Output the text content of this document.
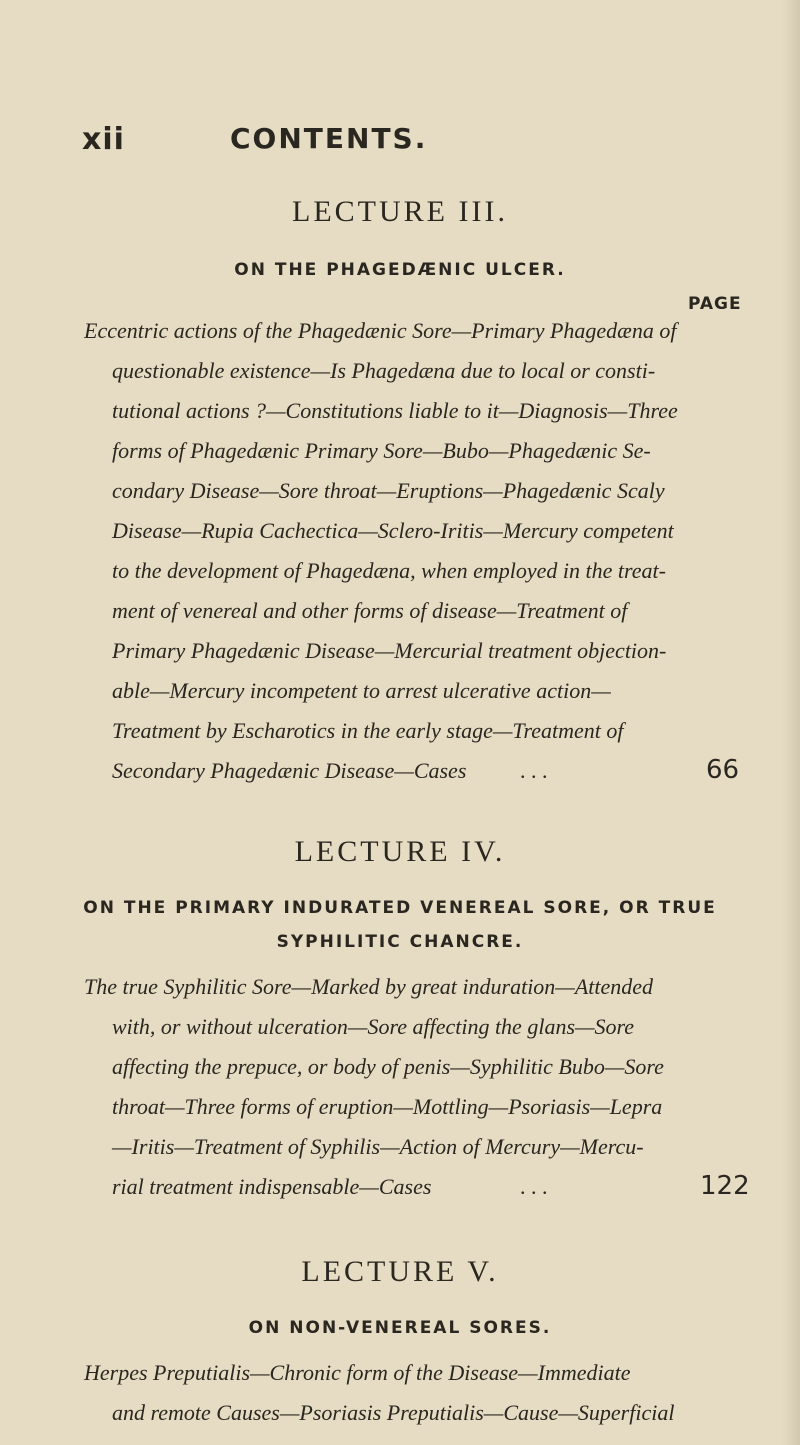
xii	CONTENTS.
LECTURE III.
ON THE PHAGEDÆNIC ULCER.
PAGE
Eccentric actions of the Phagedænic Sore—Primary Phagedæna of
questionable existence—Is Phagedæna due to local or consti-
tutional actions ?—Constitutions liable to it—Diagnosis—Three
forms of Phagedænic Primary Sore—Bubo—Phagedænic Se-
condary Disease—Sore throat—Eruptions—Phagedænic Scaly
Disease—Rupia Cachectica—Sclero-Iritis—Mercury competent
to the development of Phagedæna, when employed in the treat-
ment of venereal and other forms of disease—Treatment of
Primary Phagedænic Disease—Mercurial treatment objection-
able—Mercury incompetent to arrest ulcerative action—
Treatment by Escharotics in the early stage—Treatment of
Secondary Phagedænic Disease—Cases . . .	66
LECTURE IV.
ON THE PRIMARY INDURATED VENEREAL SORE, OR TRUE
SYPHILITIC CHANCRE.
The true Syphilitic Sore—Marked by great induration—Attended
with, or without ulceration—Sore affecting the glans—Sore
affecting the prepuce, or body of penis—Syphilitic Bubo—Sore
throat—Three forms of eruption—Mottling—Psoriasis—Lepra
—Iritis—Treatment of Syphilis—Action of Mercury—Mercu-
rial treatment indispensable—Cases	. . .	122
LECTURE V.
ON NON-VENEREAL SORES.
Herpes Preputialis—Chronic form of the Disease—Immediate
and remote Causes—Psoriasis Preputialis—Cause—Superficial
